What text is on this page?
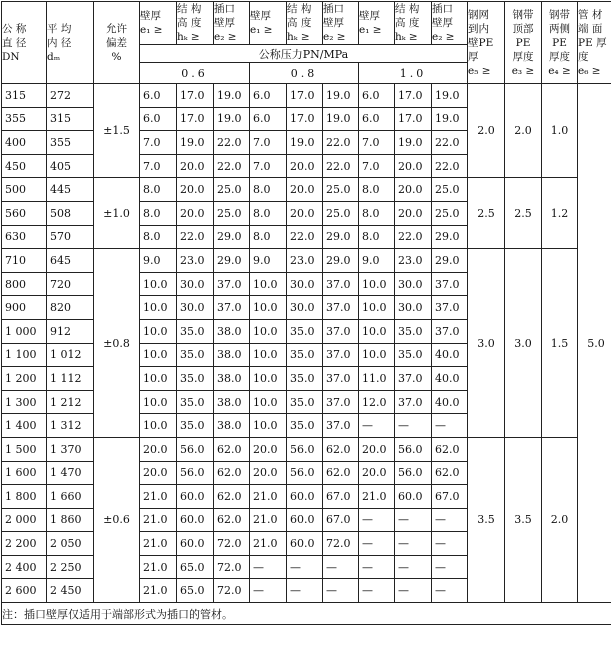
公 称
直 径
DN	平 均
内 径
dₘ	允许
偏差
%	壁厚
e₁ ≥	结 构
高 度
hₖ ≥	插口
壁厚
e₂ ≥	壁厚
e₁ ≥	结 构
高 度
hₖ ≥	插口
壁厚
e₂ ≥	壁厚
e₁ ≥	结 构
高 度
hₖ ≥	插口
壁厚
e₂ ≥	钢网
到内
壁PE
厚
e₅ ≥	钢带
顶部
PE
厚度
e₃ ≥	钢带
两侧
PE
厚度
e₄ ≥	管 材
端 面
PE 厚
度
e₆ ≥

			公称压力PN/MPa												
			0.6			0.8			1.0						
315	272	±1.5	6.0	17.0	19.0	6.0	17.0	19.0	6.0	17.0	19.0	2.0	2.0	1.0	5.0
355	315		6.0	17.0	19.0	6.0	17.0	19.0	6.0	17.0	19.0				
400	355		7.0	19.0	22.0	7.0	19.0	22.0	7.0	19.0	22.0				
450	405		7.0	20.0	22.0	7.0	20.0	22.0	7.0	20.0	22.0				
500	445	±1.0	8.0	20.0	25.0	8.0	20.0	25.0	8.0	20.0	25.0	2.5	2.5	1.2	
560	508		8.0	20.0	25.0	8.0	20.0	25.0	8.0	20.0	25.0				
630	570		8.0	22.0	29.0	8.0	22.0	29.0	8.0	22.0	29.0				
710	645	±0.8	9.0	23.0	29.0	9.0	23.0	29.0	9.0	23.0	29.0	3.0	3.0	1.5	
800	720		10.0	30.0	37.0	10.0	30.0	37.0	10.0	30.0	37.0				
900	820		10.0	30.0	37.0	10.0	30.0	37.0	10.0	30.0	37.0				
1 000	912		10.0	35.0	38.0	10.0	35.0	37.0	10.0	35.0	37.0				
1 100	1 012		10.0	35.0	38.0	10.0	35.0	37.0	10.0	35.0	40.0				
1 200	1 112		10.0	35.0	38.0	10.0	35.0	37.0	11.0	37.0	40.0				
1 300	1 212		10.0	35.0	38.0	10.0	35.0	37.0	12.0	37.0	40.0				
1 400	1 312		10.0	35.0	38.0	10.0	35.0	37.0	—	—	—				
1 500	1 370	±0.6	20.0	56.0	62.0	20.0	56.0	62.0	20.0	56.0	62.0	3.5	3.5	2.0	
1 600	1 470		20.0	56.0	62.0	20.0	56.0	62.0	20.0	56.0	62.0				
1 800	1 660		21.0	60.0	62.0	21.0	60.0	67.0	21.0	60.0	67.0				
2 000	1 860		21.0	60.0	62.0	21.0	60.0	67.0	—	—	—				
2 200	2 050		21.0	60.0	72.0	21.0	60.0	72.0	—	—	—				
2 400	2 250		21.0	65.0	72.0	—	—	—	—	—	—				
2 600	2 450		21.0	65.0	72.0	—	—	—	—	—	—				
注：插口壁厚仅适用于端部形式为插口的管材。															
